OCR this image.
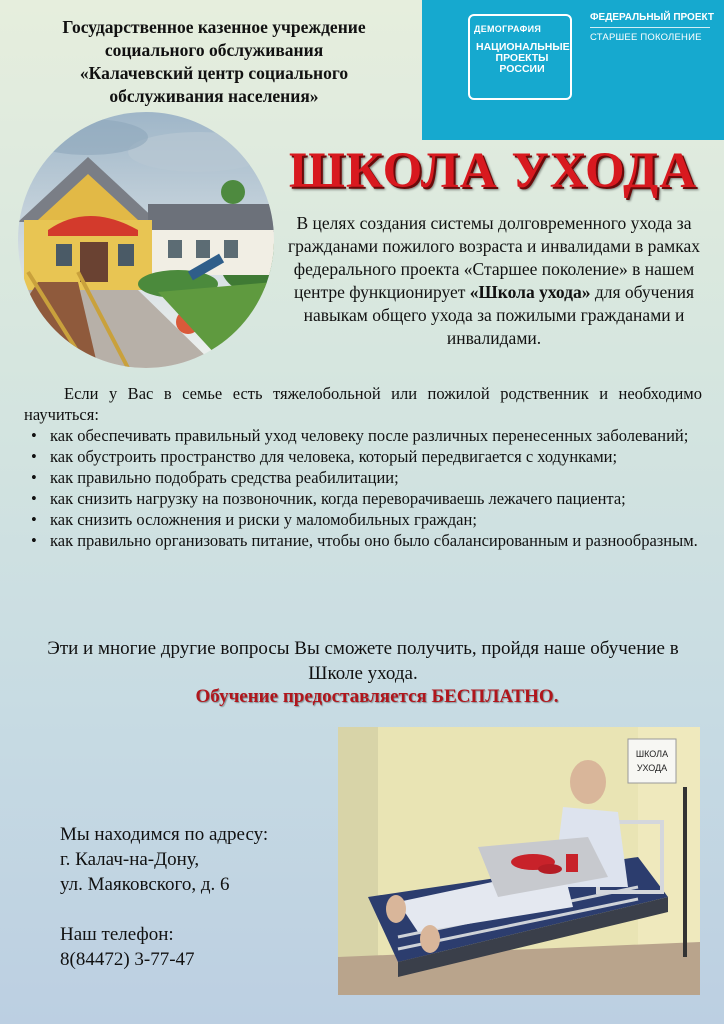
Государственное казенное учреждение
социального обслуживания
«Калачевский центр социального
обслуживания населения»
ДЕМОГРАФИЯ
НАЦИОНАЛЬНЫЕ
ПРОЕКТЫ
РОССИИ
ФЕДЕРАЛЬНЫЙ ПРОЕКТ
СТАРШЕЕ ПОКОЛЕНИЕ
ШКОЛА УХОДА
В целях создания системы долговременного ухода за гражданами пожилого возраста и инвалидами в рамках федерального проекта «Старшее поколение» в нашем центре функционирует «Школа ухода» для обучения навыкам общего ухода за пожилыми гражданами и инвалидами.

Если у Вас в семье есть тяжелобольной или пожилой родственник и необходимо научиться:

• как обеспечивать правильный уход человеку после различных перенесенных заболеваний;
• как обустроить пространство для человека, который передвигается с ходунками;
• как правильно подобрать средства реабилитации;
• как снизить нагрузку на позвоночник, когда переворачиваешь лежачего пациента;
• как снизить осложнения и риски у маломобильных граждан;
• как правильно организовать питание, чтобы оно было сбалансированным и разнообразным.
Эти и многие другие вопросы Вы сможете получить, пройдя наше обучение в Школе ухода.
Обучение предоставляется БЕСПЛАТНО.
Мы находимся по адресу:
г. Калач-на-Дону,
ул. Маяковского, д. 6
Наш телефон:
8(84472) 3-77-47
ШКОЛА
УХОДА
